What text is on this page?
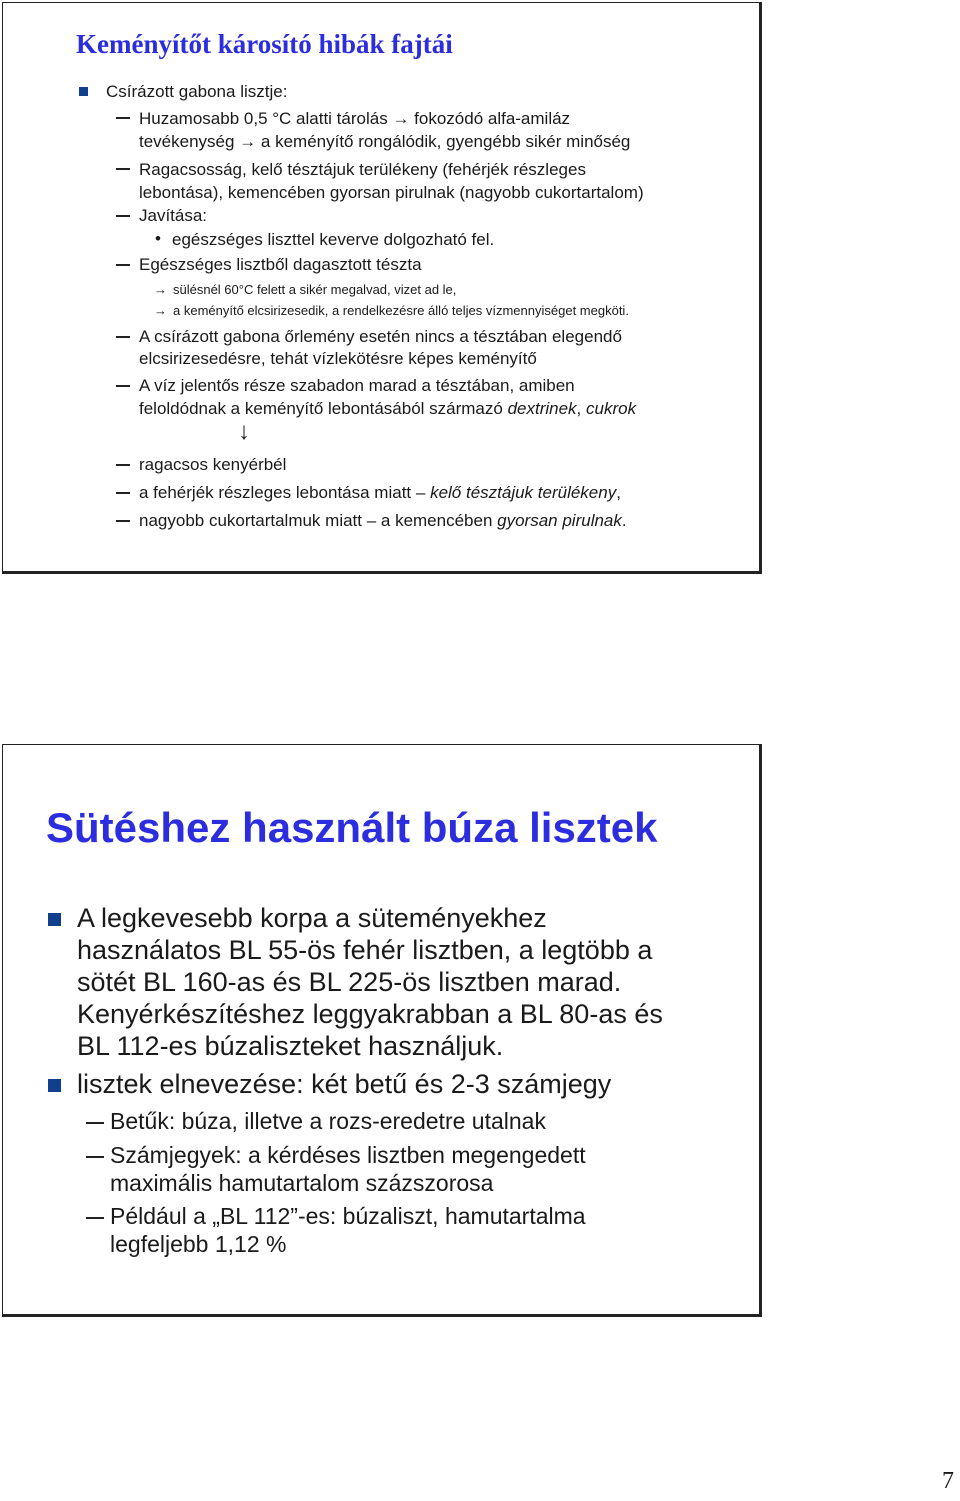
Keményítőt károsító hibák fajtái
Csírázott gabona lisztje:
Huzamosabb 0,5 °C alatti tárolás → fokozódó alfa-amiláz
tevékenység → a keményítő rongálódik, gyengébb sikér minőség
Ragacsosság, kelő tésztájuk terülékeny (fehérjék részleges
lebontása), kemencében gyorsan pirulnak (nagyobb cukortartalom)
Javítása:
• egészséges liszttel keverve dolgozható fel.
Egészséges lisztből dagasztott tészta
→ sülésnél 60°C felett a sikér megalvad, vizet ad le,
→ a keményítő elcsirizesedik, a rendelkezésre álló teljes vízmennyiséget megköti.
A csírázott gabona őrlemény esetén nincs a tésztában elegendő
elcsirizesedésre, tehát vízlekötésre képes keményítő
A víz jelentős része szabadon marad a tésztában, amiben
feloldódnak a keményítő lebontásából származó dextrinek, cukrok
↓
ragacsos kenyérbél
a fehérjék részleges lebontása miatt – kelő tésztájuk terülékeny,
nagyobb cukortartalmuk miatt – a kemencében gyorsan pirulnak.
Sütéshez használt búza lisztek
A legkevesebb korpa a süteményekhez
használatos BL 55-ös fehér lisztben, a legtöbb a
sötét BL 160-as és BL 225-ös lisztben marad.
Kenyérkészítéshez leggyakrabban a BL 80-as és
BL 112-es búzaliszteket használjuk.
lisztek elnevezése: két betű és 2-3 számjegy
Betűk: búza, illetve a rozs-eredetre utalnak
Számjegyek: a kérdéses lisztben megengedett
maximális hamutartalom százszorosa
Például a „BL 112”-es: búzaliszt, hamutartalma
legfeljebb 1,12 %
7
